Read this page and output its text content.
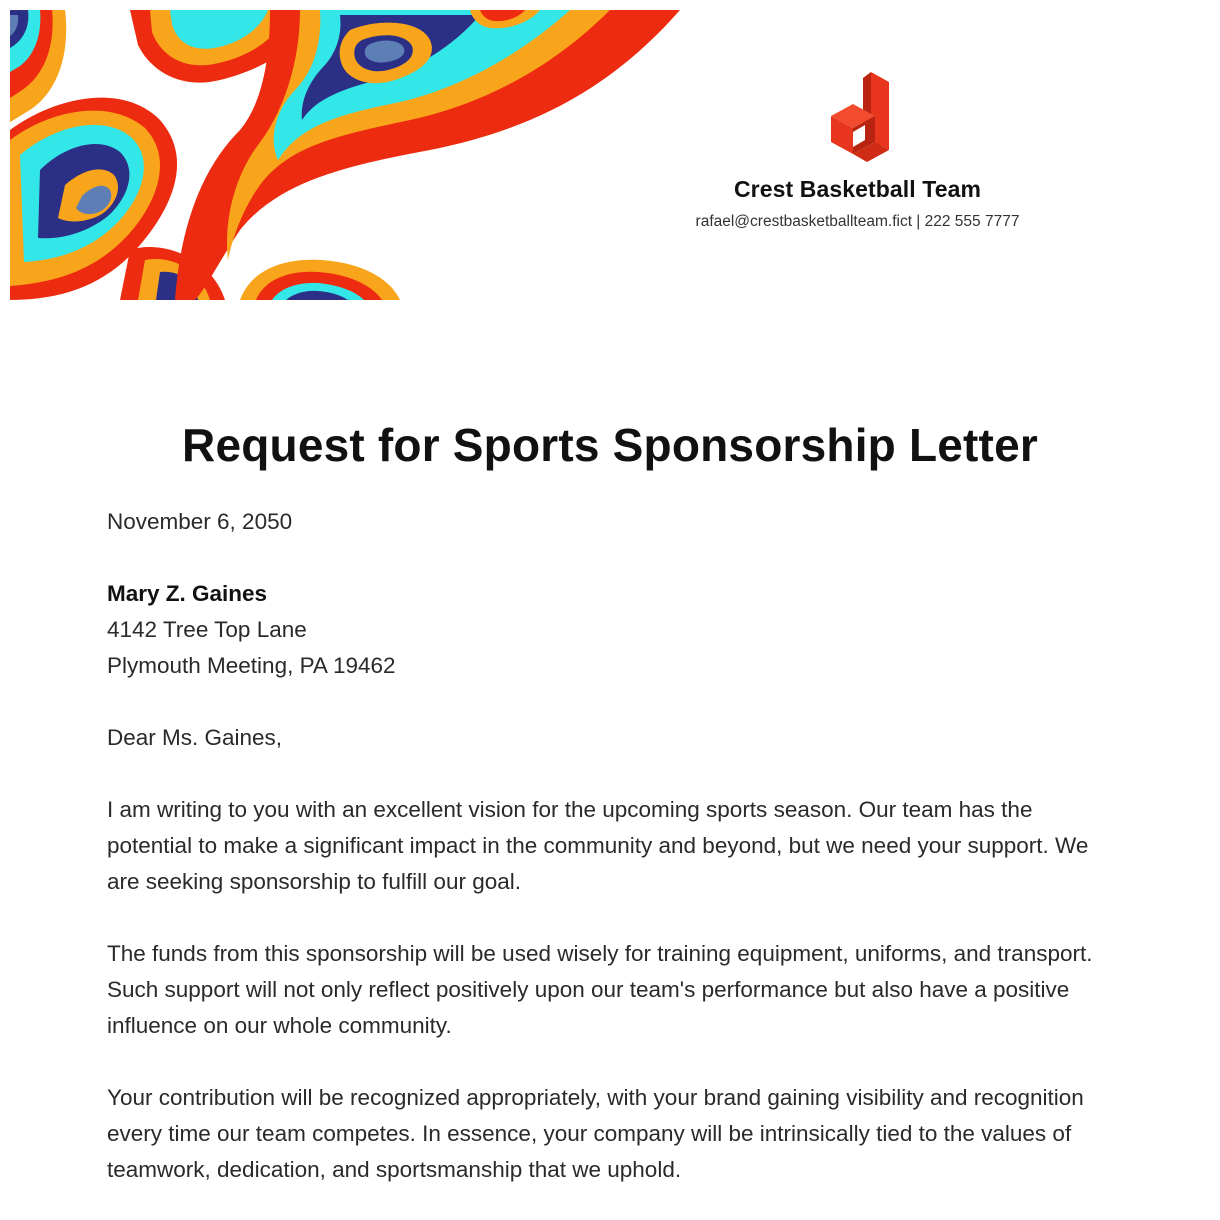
Crest Basketball Team
rafael@crestbasketballteam.fict | 222 555 7777
Request for Sports Sponsorship Letter

November 6, 2050

Mary Z. Gaines
4142 Tree Top Lane
Plymouth Meeting, PA 19462

Dear Ms. Gaines,

I am writing to you with an excellent vision for the upcoming sports season. Our team has the potential to make a significant impact in the community and beyond, but we need your support. We are seeking sponsorship to fulfill our goal.

The funds from this sponsorship will be used wisely for training equipment, uniforms, and transport. Such support will not only reflect positively upon our team's performance but also have a positive influence on our whole community.

Your contribution will be recognized appropriately, with your brand gaining visibility and recognition every time our team competes. In essence, your company will be intrinsically tied to the values of teamwork, dedication, and sportsmanship that we uphold.
